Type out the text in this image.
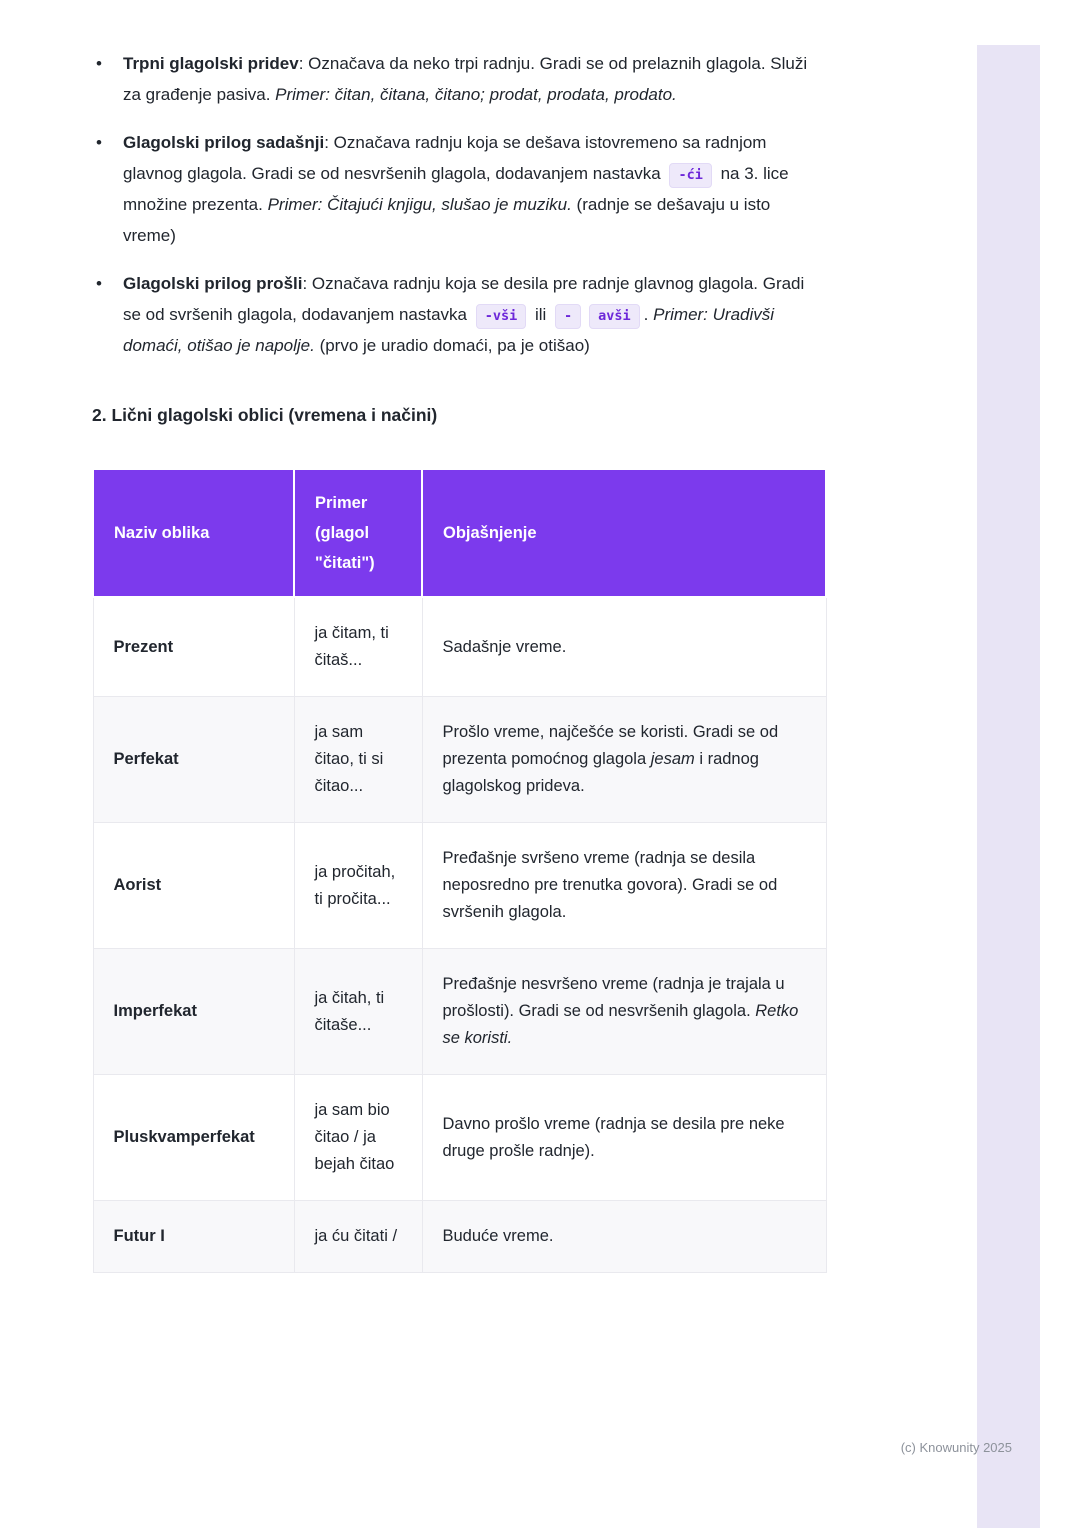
• Trpni glagolski pridev: Označava da neko trpi radnju. Gradi se od prelaznih glagola. Služi za građenje pasiva. Primer: čitan, čitana, čitano; prodat, prodata, prodato.
• Glagolski prilog sadašnji: Označava radnju koja se dešava istovremeno sa radnjom glavnog glagola. Gradi se od nesvršenih glagola, dodavanjem nastavka -ći na 3. lice množine prezenta. Primer: Čitajući knjigu, slušao je muziku. (radnje se dešavaju u isto vreme)
• Glagolski prilog prošli: Označava radnju koja se desila pre radnje glavnog glagola. Gradi se od svršenih glagola, dodavanjem nastavka -vši ili - avši . Primer: Uradivši domaći, otišao je napolje. (prvo je uradio domaći, pa je otišao)
2. Lični glagolski oblici (vremena i načini)
Naziv oblika	Primer (glagol "čitati")	Objašnjenje
Prezent	ja čitam, ti čitaš...	Sadašnje vreme.
Perfekat	ja sam čitao, ti si čitao...	Prošlo vreme, najčešće se koristi. Gradi se od prezenta pomoćnog glagola jesam i radnog glagolskog prideva.
Aorist	ja pročitah, ti pročita...	Pređašnje svršeno vreme (radnja se desila neposredno pre trenutka govora). Gradi se od svršenih glagola.
Imperfekat	ja čitah, ti čitaše...	Pređašnje nesvršeno vreme (radnja je trajala u prošlosti). Gradi se od nesvršenih glagola. Retko se koristi.
Pluskvamperfekat	ja sam bio čitao / ja bejah čitao	Davno prošlo vreme (radnja se desila pre neke druge prošle radnje).
Futur I	ja ću čitati /	Buduće vreme.
(c) Knowunity 2025
